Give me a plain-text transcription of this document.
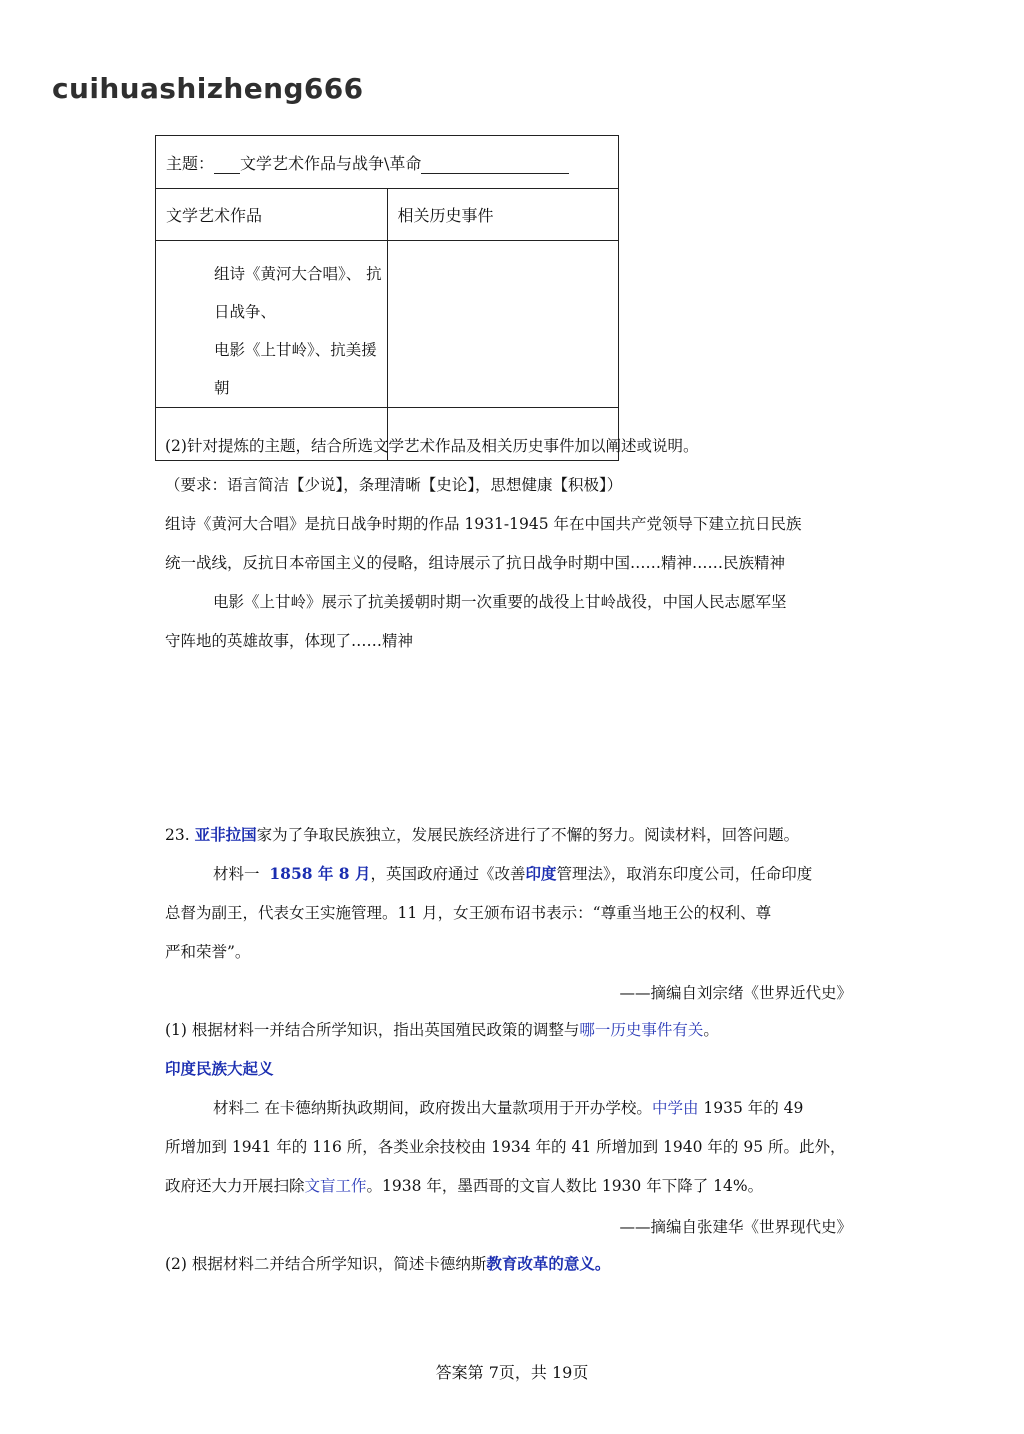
cuihuashizheng666
主题： 文学艺术作品与战争\革命	
文学艺术作品	相关历史事件

组诗《黄河大合唱》、 抗日战争、
电影《上甘岭》、抗美援朝	

(2)针对提炼的主题，结合所选文学艺术作品及相关历史事件加以阐述或说明。
（要求：语言简洁【少说】，条理清晰【史论】，思想健康【积极】）
组诗《黄河大合唱》是抗日战争时期的作品 1931-1945 年在中国共产党领导下建立抗日民族
统一战线，反抗日本帝国主义的侵略，组诗展示了抗日战争时期中国……精神……民族精神
电影《上甘岭》展示了抗美援朝时期一次重要的战役上甘岭战役，中国人民志愿军坚
守阵地的英雄故事，体现了……精神
23. 亚非拉国家为了争取民族独立，发展民族经济进行了不懈的努力。阅读材料，回答问题。
材料一 1858 年 8 月，英国政府通过《改善印度管理法》，取消东印度公司，任命印度
总督为副王，代表女王实施管理。11 月，女王颁布诏书表示：“尊重当地王公的权利、尊
严和荣誉”。
——摘编自刘宗绪《世界近代史》
(1) 根据材料一并结合所学知识，指出英国殖民政策的调整与哪一历史事件有关。
印度民族大起义
材料二 在卡德纳斯执政期间，政府拨出大量款项用于开办学校。中学由 1935 年的 49
所增加到 1941 年的 116 所，各类业余技校由 1934 年的 41 所增加到 1940 年的 95 所。此外，
政府还大力开展扫除文盲工作。1938 年，墨西哥的文盲人数比 1930 年下降了 14%。
——摘编自张建华《世界现代史》
(2) 根据材料二并结合所学知识，简述卡德纳斯教育改革的意义。
答案第 7页，共 19页
